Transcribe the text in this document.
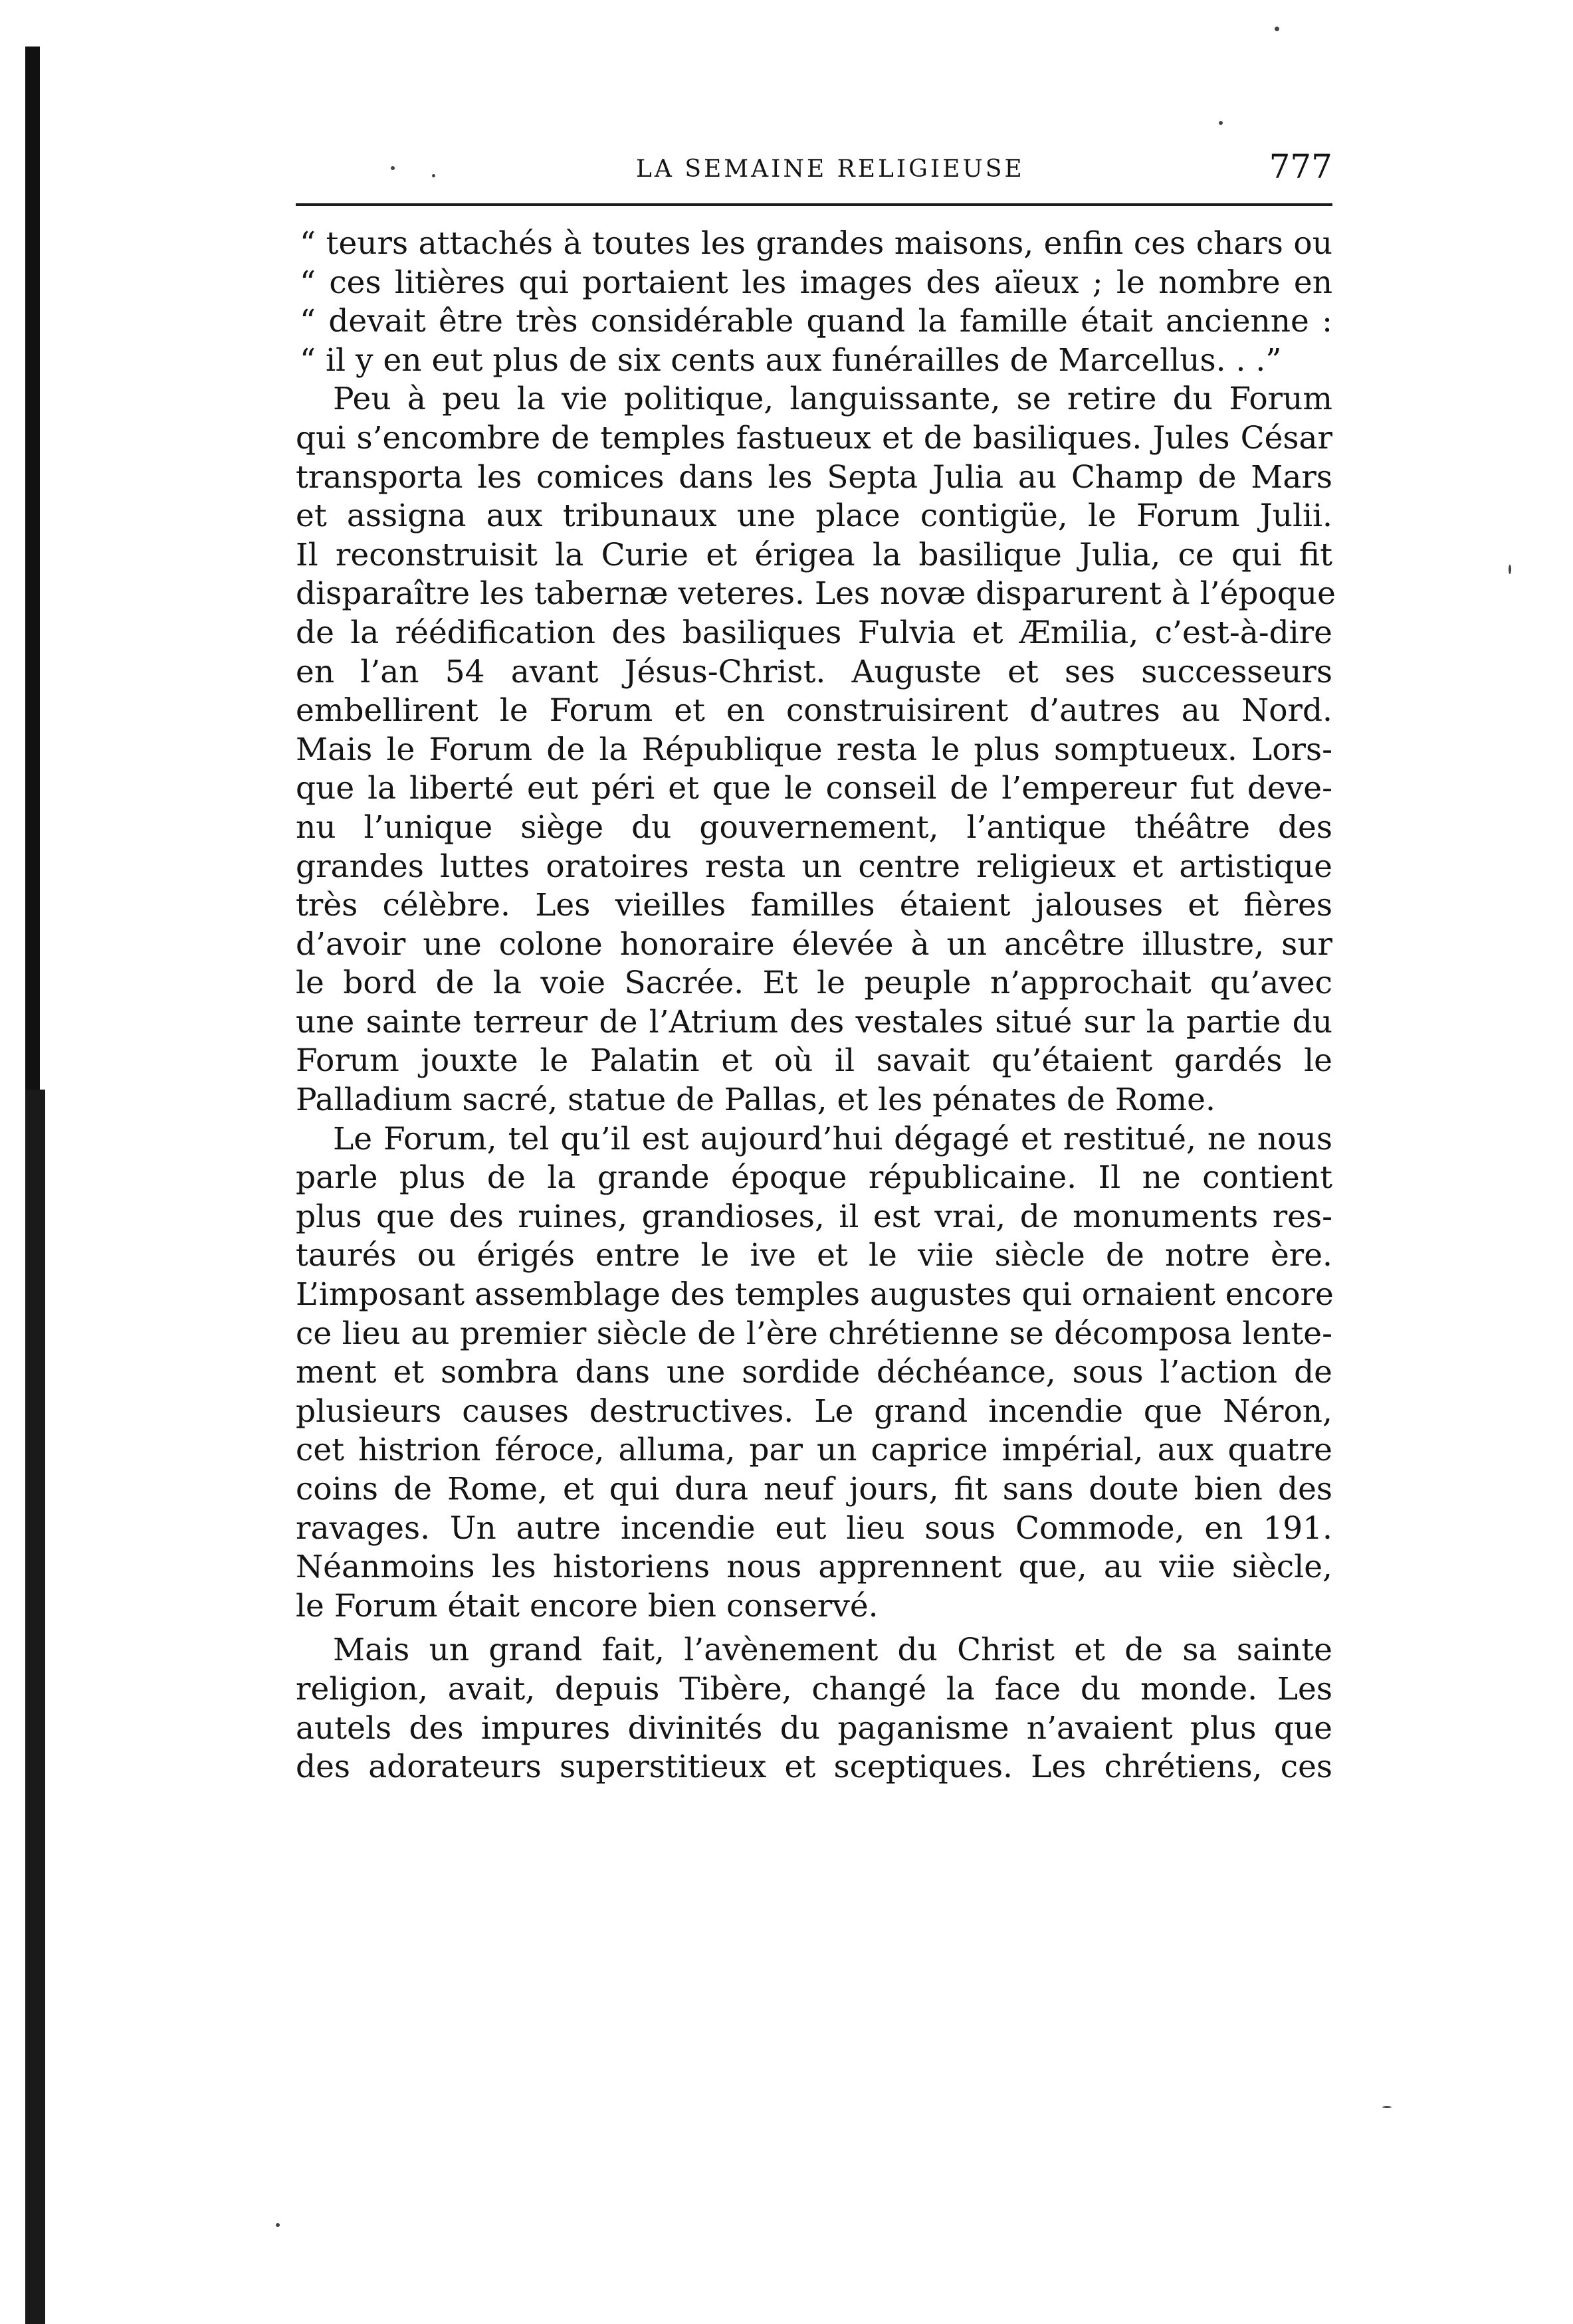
LA SEMAINE RELIGIEUSE	777
“ teurs attachés à toutes les grandes maisons, enfin ces chars ou
“ ces litières qui portaient les images des aïeux ; le nombre en
“ devait être très considérable quand la famille était ancienne :
“ il y en eut plus de six cents aux funérailles de Marcellus. . .”
Peu à peu la vie politique, languissante, se retire du Forum
qui s’encombre de temples fastueux et de basiliques. Jules César
transporta les comices dans les Septa Julia au Champ de Mars
et assigna aux tribunaux une place contigüe, le Forum Julii.
Il reconstruisit la Curie et érigea la basilique Julia, ce qui fit
disparaître les tabernæ veteres. Les novæ disparurent à l’époque
de la réédification des basiliques Fulvia et Æmilia, c’est-à-dire
en l’an 54 avant Jésus-Christ. Auguste et ses successeurs
embellirent le Forum et en construisirent d’autres au Nord.
Mais le Forum de la République resta le plus somptueux. Lors-
que la liberté eut péri et que le conseil de l’empereur fut deve-
nu l’unique siège du gouvernement, l’antique théâtre des
grandes luttes oratoires resta un centre religieux et artistique
très célèbre. Les vieilles familles étaient jalouses et fières
d’avoir une colone honoraire élevée à un ancêtre illustre, sur
le bord de la voie Sacrée. Et le peuple n’approchait qu’avec
une sainte terreur de l’Atrium des vestales situé sur la partie du
Forum jouxte le Palatin et où il savait qu’étaient gardés le
Palladium sacré, statue de Pallas, et les pénates de Rome.
Le Forum, tel qu’il est aujourd’hui dégagé et restitué, ne nous
parle plus de la grande époque républicaine. Il ne contient
plus que des ruines, grandioses, il est vrai, de monuments res-
taurés ou érigés entre le ive et le viie siècle de notre ère.
L’imposant assemblage des temples augustes qui ornaient encore
ce lieu au premier siècle de l’ère chrétienne se décomposa lente-
ment et sombra dans une sordide déchéance, sous l’action de
plusieurs causes destructives. Le grand incendie que Néron,
cet histrion féroce, alluma, par un caprice impérial, aux quatre
coins de Rome, et qui dura neuf jours, fit sans doute bien des
ravages. Un autre incendie eut lieu sous Commode, en 191.
Néanmoins les historiens nous apprennent que, au viie siècle,
le Forum était encore bien conservé.
Mais un grand fait, l’avènement du Christ et de sa sainte
religion, avait, depuis Tibère, changé la face du monde. Les
autels des impures divinités du paganisme n’avaient plus que
des adorateurs superstitieux et sceptiques. Les chrétiens, ces
